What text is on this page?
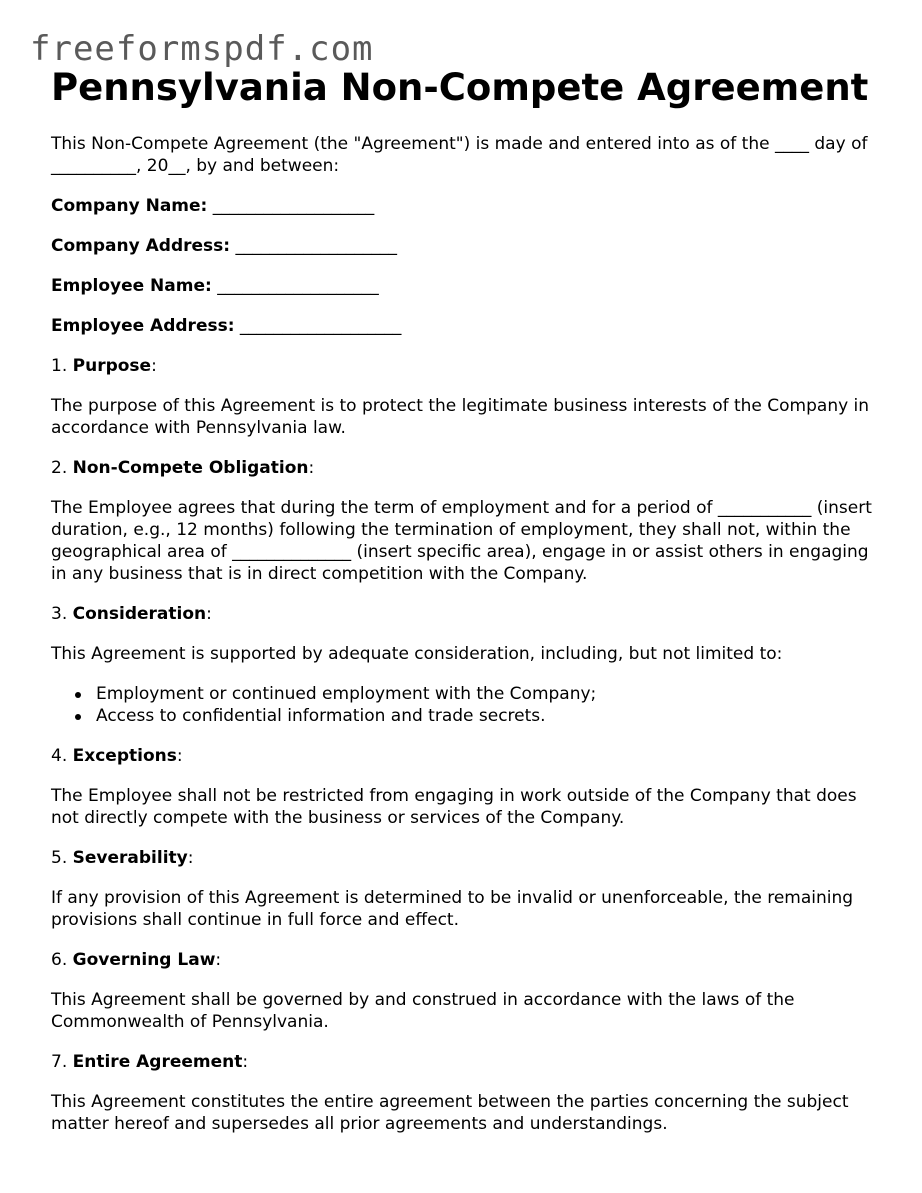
freeformspdf.com
Pennsylvania Non-Compete Agreement

This Non-Compete Agreement (the "Agreement") is made and entered into as of the ____ day of __________, 20__, by and between:

Company Name: ___________________

Company Address: ___________________

Employee Name: ___________________

Employee Address: ___________________

1. Purpose:

The purpose of this Agreement is to protect the legitimate business interests of the Company in accordance with Pennsylvania law.

2. Non-Compete Obligation:

The Employee agrees that during the term of employment and for a period of ___________ (insert duration, e.g., 12 months) following the termination of employment, they shall not, within the geographical area of ______________ (insert specific area), engage in or assist others in engaging in any business that is in direct competition with the Company.

3. Consideration:

This Agreement is supported by adequate consideration, including, but not limited to:

Employment or continued employment with the Company;
Access to confidential information and trade secrets.

4. Exceptions:

The Employee shall not be restricted from engaging in work outside of the Company that does not directly compete with the business or services of the Company.

5. Severability:

If any provision of this Agreement is determined to be invalid or unenforceable, the remaining provisions shall continue in full force and effect.

6. Governing Law:

This Agreement shall be governed by and construed in accordance with the laws of the Commonwealth of Pennsylvania.

7. Entire Agreement:

This Agreement constitutes the entire agreement between the parties concerning the subject matter hereof and supersedes all prior agreements and understandings.
